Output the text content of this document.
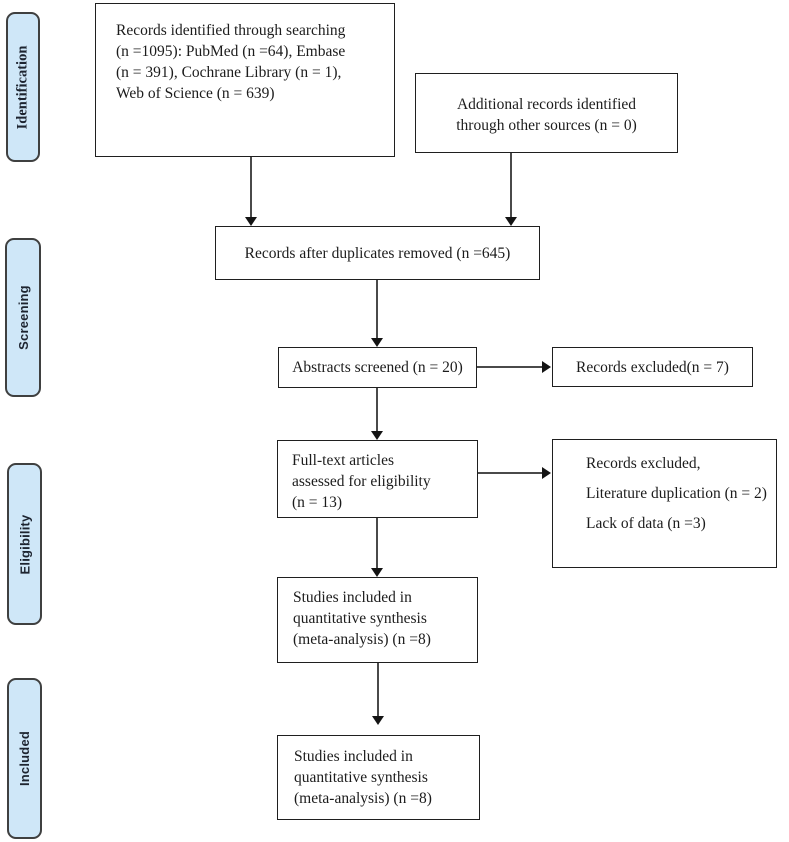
Identification
Screening
Eligibility
Included
Records identified through searching
(n =1095): PubMed (n =64), Embase
(n = 391), Cochrane Library (n = 1),
Web of Science (n = 639)
Additional records identified
through other sources (n = 0)
Records after duplicates removed (n =645)
Abstracts screened (n = 20)	Records excluded(n = 7)
Full-text articles
assessed for eligibility
(n = 13)

Records excluded,

Literature duplication (n = 2)

Lack of data (n =3)

Studies included in
quantitative synthesis
(meta-analysis) (n =8)
Studies included in
quantitative synthesis
(meta-analysis) (n =8)
